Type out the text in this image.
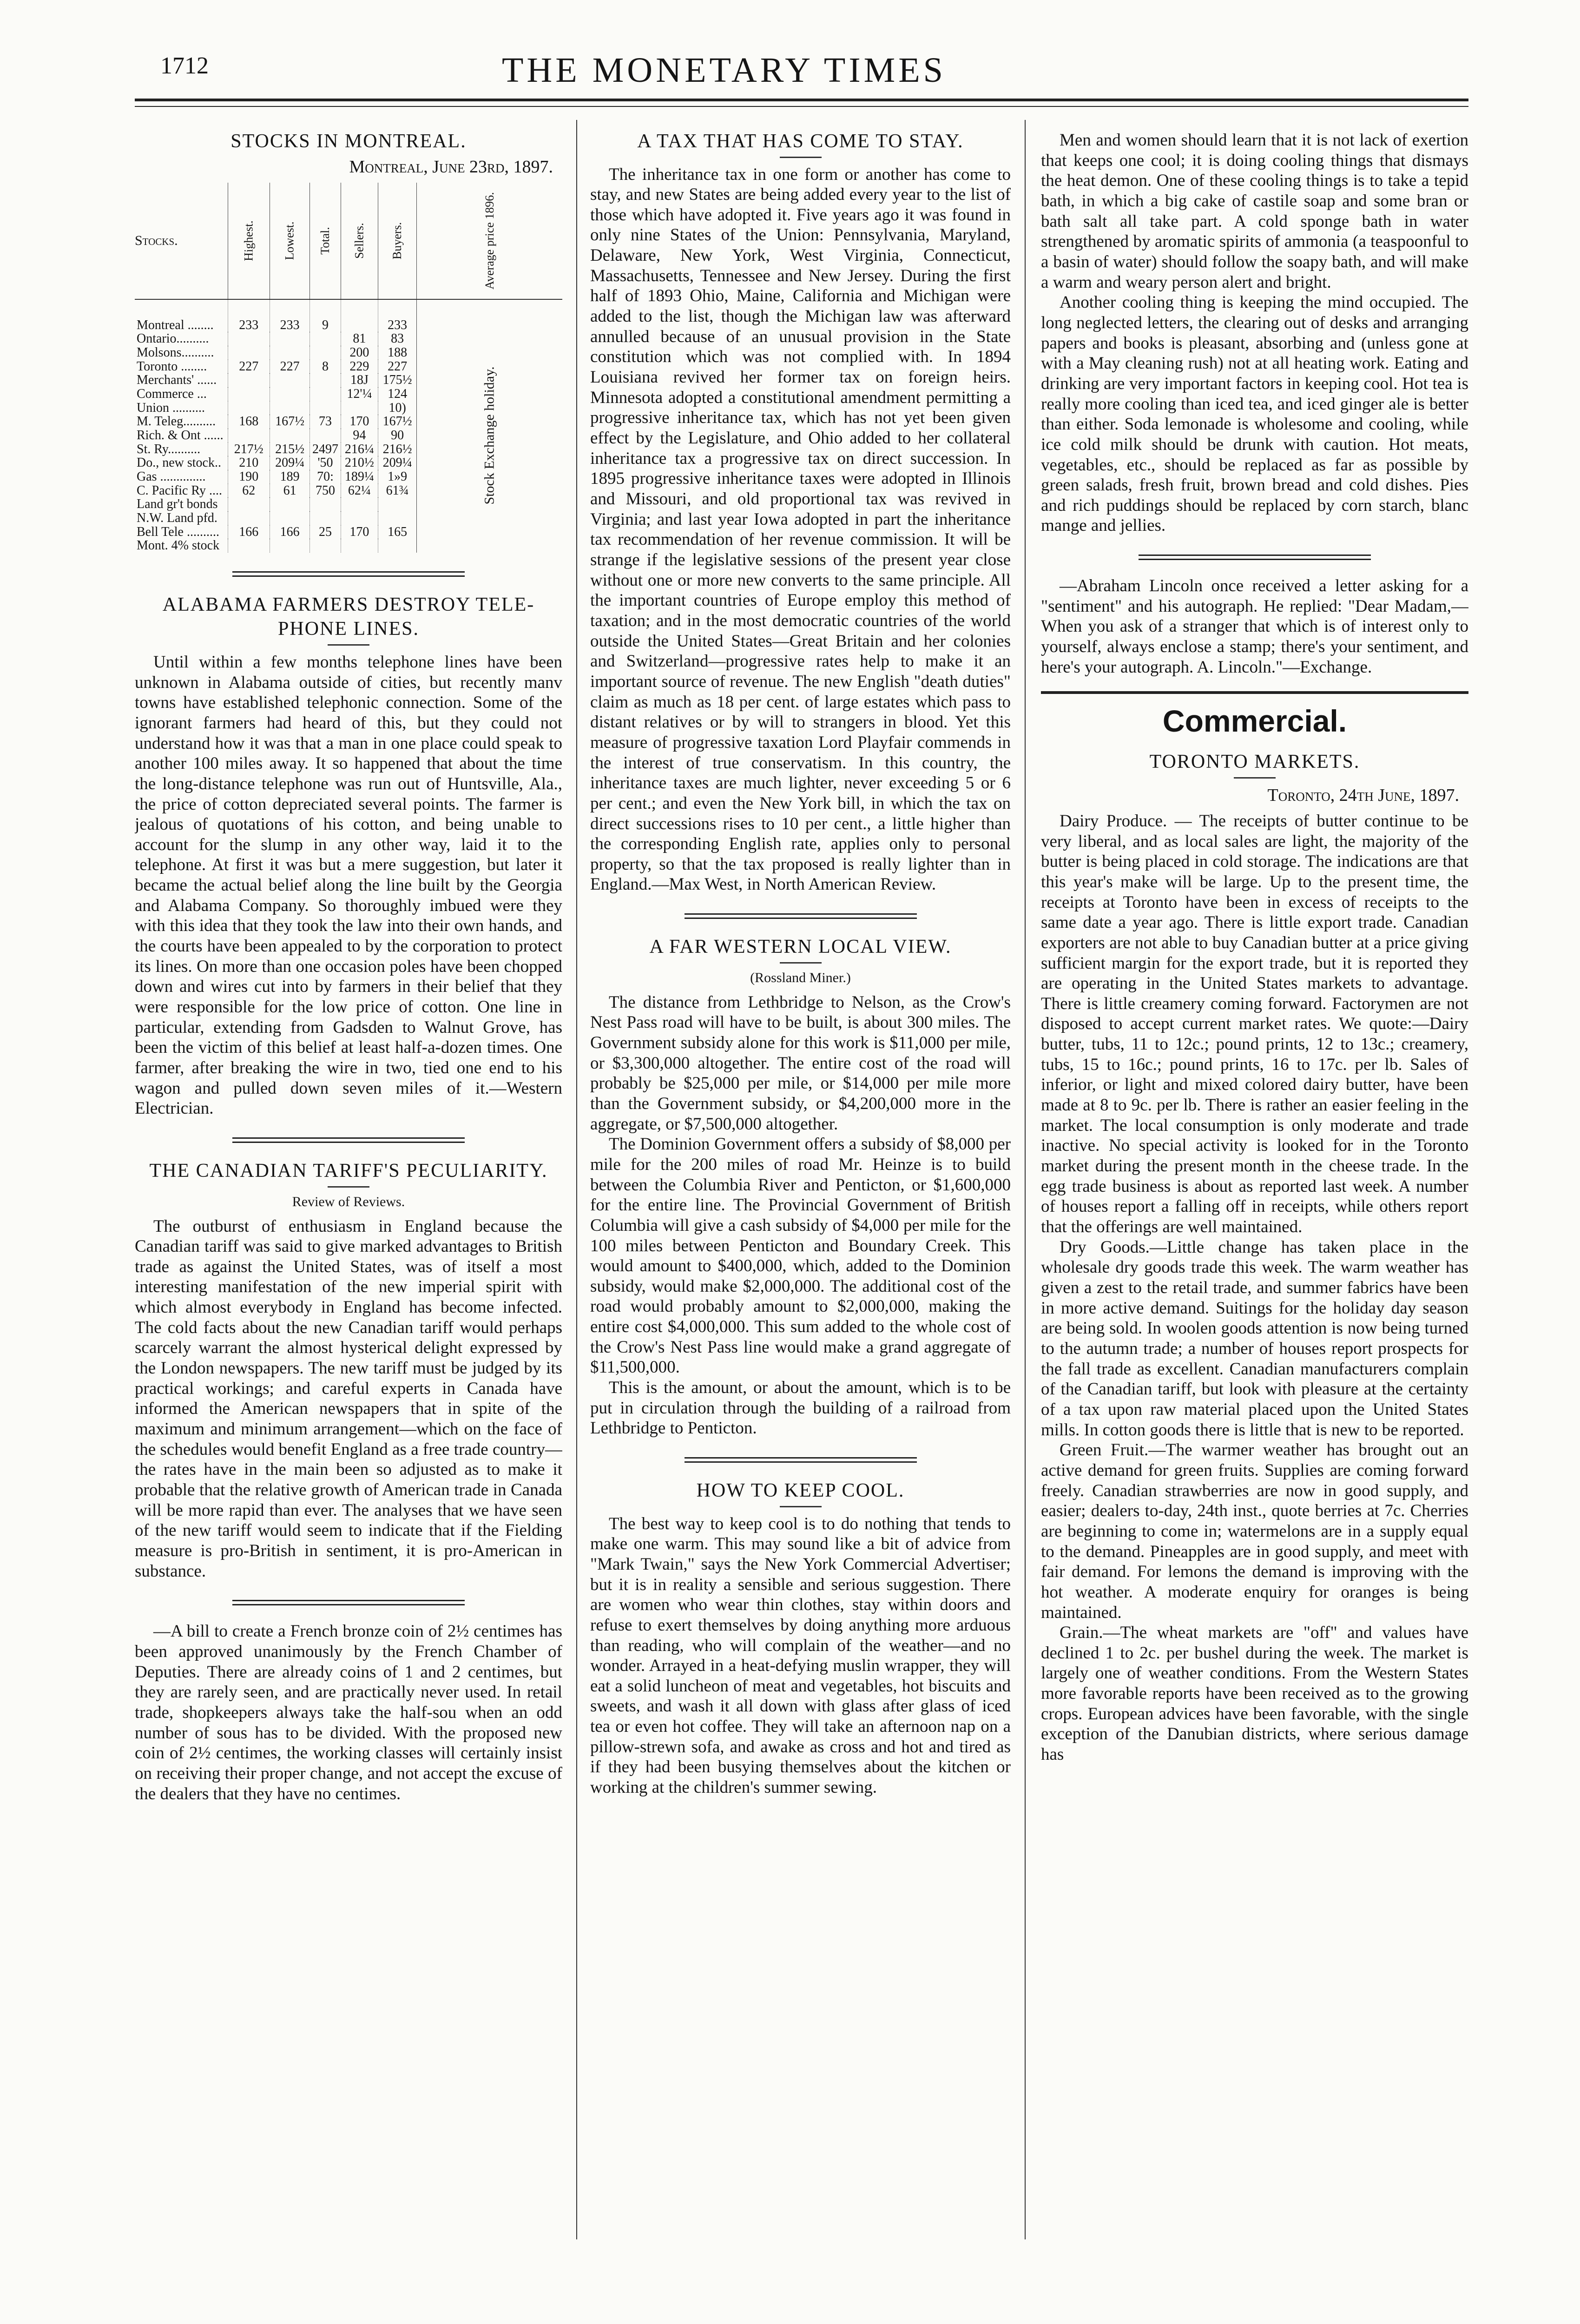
1712	THE MONETARY TIMES
STOCKS IN MONTREAL.
Montreal, June 23rd, 1897.
Stocks.	Highest.	Lowest.	Total.	Sellers.	Buyers.	Average price 1896.
Montreal ........	233	233	9		233	Stock Exchange holiday.
Ontario..........				81	83	
Molsons..........				200	188	
Toronto ........	227	227	8	229	227	
Merchants' ......				18J	175½	
Commerce ...				12'¼	124	
Union ..........					10)	
M. Teleg..........	168	167½	73	170	167½	
Rich. & Ont ......				94	90	
St. Ry..........	217½	215½	2497	216¼	216½	
Do., new stock..	210	209¼	'50	210½	209¼	
Gas ..............	190	189	70:	189¼	1»9	
C. Pacific Ry ....	62	61	750	62¼	61¾	
Land gr't bonds						
N.W. Land pfd.						
Bell Tele ..........	166	166	25	170	165	
Mont. 4% stock						
ALABAMA FARMERS DESTROY TELE-PHONE LINES.

Until within a few months telephone lines have been unknown in Alabama outside of cities, but recently manv towns have established telephonic connection. Some of the ignorant farmers had heard of this, but they could not understand how it was that a man in one place could speak to another 100 miles away. It so happened that about the time the long-distance telephone was run out of Huntsville, Ala., the price of cotton depreciated several points. The farmer is jealous of quotations of his cotton, and being unable to account for the slump in any other way, laid it to the telephone. At first it was but a mere suggestion, but later it became the actual belief along the line built by the Georgia and Alabama Company. So thoroughly imbued were they with this idea that they took the law into their own hands, and the courts have been appealed to by the corporation to protect its lines. On more than one occasion poles have been chopped down and wires cut into by farmers in their belief that they were responsible for the low price of cotton. One line in particular, extending from Gadsden to Walnut Grove, has been the victim of this belief at least half-a-dozen times. One farmer, after breaking the wire in two, tied one end to his wagon and pulled down seven miles of it.—Western Electrician.

THE CANADIAN TARIFF'S PECULIARITY.
Review of Reviews.

The outburst of enthusiasm in England because the Canadian tariff was said to give marked advantages to British trade as against the United States, was of itself a most interesting manifestation of the new imperial spirit with which almost everybody in England has become infected. The cold facts about the new Canadian tariff would perhaps scarcely warrant the almost hysterical delight expressed by the London newspapers. The new tariff must be judged by its practical workings; and careful experts in Canada have informed the American newspapers that in spite of the maximum and minimum arrangement—which on the face of the schedules would benefit England as a free trade country—the rates have in the main been so adjusted as to make it probable that the relative growth of American trade in Canada will be more rapid than ever. The analyses that we have seen of the new tariff would seem to indicate that if the Fielding measure is pro-British in sentiment, it is pro-American in substance.

—A bill to create a French bronze coin of 2½ centimes has been approved unanimously by the French Chamber of Deputies. There are already coins of 1 and 2 centimes, but they are rarely seen, and are practically never used. In retail trade, shopkeepers always take the half-sou when an odd number of sous has to be divided. With the proposed new coin of 2½ centimes, the working classes will certainly insist on receiving their proper change, and not accept the excuse of the dealers that they have no centimes.

A TAX THAT HAS COME TO STAY.

The inheritance tax in one form or another has come to stay, and new States are being added every year to the list of those which have adopted it. Five years ago it was found in only nine States of the Union: Pennsylvania, Maryland, Delaware, New York, West Virginia, Connecticut, Massachusetts, Tennessee and New Jersey. During the first half of 1893 Ohio, Maine, California and Michigan were added to the list, though the Michigan law was afterward annulled because of an unusual provision in the State constitution which was not complied with. In 1894 Louisiana revived her former tax on foreign heirs. Minnesota adopted a constitutional amendment permitting a progressive inheritance tax, which has not yet been given effect by the Legislature, and Ohio added to her collateral inheritance tax a progressive tax on direct succession. In 1895 progressive inheritance taxes were adopted in Illinois and Missouri, and old proportional tax was revived in Virginia; and last year Iowa adopted in part the inheritance tax recommendation of her revenue commission. It will be strange if the legislative sessions of the present year close without one or more new converts to the same principle. All the important countries of Europe employ this method of taxation; and in the most democratic countries of the world outside the United States—Great Britain and her colonies and Switzerland—progressive rates help to make it an important source of revenue. The new English "death duties" claim as much as 18 per cent. of large estates which pass to distant relatives or by will to strangers in blood. Yet this measure of progressive taxation Lord Playfair commends in the interest of true conservatism. In this country, the inheritance taxes are much lighter, never exceeding 5 or 6 per cent.; and even the New York bill, in which the tax on direct successions rises to 10 per cent., a little higher than the corresponding English rate, applies only to personal property, so that the tax proposed is really lighter than in England.—Max West, in North American Review.

A FAR WESTERN LOCAL VIEW.
(Rossland Miner.)

The distance from Lethbridge to Nelson, as the Crow's Nest Pass road will have to be built, is about 300 miles. The Government subsidy alone for this work is $11,000 per mile, or $3,300,000 altogether. The entire cost of the road will probably be $25,000 per mile, or $14,000 per mile more than the Government subsidy, or $4,200,000 more in the aggregate, or $7,500,000 altogether.

The Dominion Government offers a subsidy of $8,000 per mile for the 200 miles of road Mr. Heinze is to build between the Columbia River and Penticton, or $1,600,000 for the entire line. The Provincial Government of British Columbia will give a cash subsidy of $4,000 per mile for the 100 miles between Penticton and Boundary Creek. This would amount to $400,000, which, added to the Dominion subsidy, would make $2,000,000. The additional cost of the road would probably amount to $2,000,000, making the entire cost $4,000,000. This sum added to the whole cost of the Crow's Nest Pass line would make a grand aggregate of $11,500,000.

This is the amount, or about the amount, which is to be put in circulation through the building of a railroad from Lethbridge to Penticton.

HOW TO KEEP COOL.

The best way to keep cool is to do nothing that tends to make one warm. This may sound like a bit of advice from "Mark Twain," says the New York Commercial Advertiser; but it is in reality a sensible and serious suggestion. There are women who wear thin clothes, stay within doors and refuse to exert themselves by doing anything more arduous than reading, who will complain of the weather—and no wonder. Arrayed in a heat-defying muslin wrapper, they will eat a solid luncheon of meat and vegetables, hot biscuits and sweets, and wash it all down with glass after glass of iced tea or even hot coffee. They will take an afternoon nap on a pillow-strewn sofa, and awake as cross and hot and tired as if they had been busying themselves about the kitchen or working at the children's summer sewing.

Men and women should learn that it is not lack of exertion that keeps one cool; it is doing cooling things that dismays the heat demon. One of these cooling things is to take a tepid bath, in which a big cake of castile soap and some bran or bath salt all take part. A cold sponge bath in water strengthened by aromatic spirits of ammonia (a teaspoonful to a basin of water) should follow the soapy bath, and will make a warm and weary person alert and bright.

Another cooling thing is keeping the mind occupied. The long neglected letters, the clearing out of desks and arranging papers and books is pleasant, absorbing and (unless gone at with a May cleaning rush) not at all heating work. Eating and drinking are very important factors in keeping cool. Hot tea is really more cooling than iced tea, and iced ginger ale is better than either. Soda lemonade is wholesome and cooling, while ice cold milk should be drunk with caution. Hot meats, vegetables, etc., should be replaced as far as possible by green salads, fresh fruit, brown bread and cold dishes. Pies and rich puddings should be replaced by corn starch, blanc mange and jellies.

—Abraham Lincoln once received a letter asking for a "sentiment" and his autograph. He replied: "Dear Madam,—When you ask of a stranger that which is of interest only to yourself, always enclose a stamp; there's your sentiment, and here's your autograph. A. Lincoln."—Exchange.

Commercial.
TORONTO MARKETS.
Toronto, 24th June, 1897.

Dairy Produce. — The receipts of butter continue to be very liberal, and as local sales are light, the majority of the butter is being placed in cold storage. The indications are that this year's make will be large. Up to the present time, the receipts at Toronto have been in excess of receipts to the same date a year ago. There is little export trade. Canadian exporters are not able to buy Canadian butter at a price giving sufficient margin for the export trade, but it is reported they are operating in the United States markets to advantage. There is little creamery coming forward. Factorymen are not disposed to accept current market rates. We quote:—Dairy butter, tubs, 11 to 12c.; pound prints, 12 to 13c.; creamery, tubs, 15 to 16c.; pound prints, 16 to 17c. per lb. Sales of inferior, or light and mixed colored dairy butter, have been made at 8 to 9c. per lb. There is rather an easier feeling in the market. The local consumption is only moderate and trade inactive. No special activity is looked for in the Toronto market during the present month in the cheese trade. In the egg trade business is about as reported last week. A number of houses report a falling off in receipts, while others report that the offerings are well maintained.

Dry Goods.—Little change has taken place in the wholesale dry goods trade this week. The warm weather has given a zest to the retail trade, and summer fabrics have been in more active demand. Suitings for the holiday day season are being sold. In woolen goods attention is now being turned to the autumn trade; a number of houses report prospects for the fall trade as excellent. Canadian manufacturers complain of the Canadian tariff, but look with pleasure at the certainty of a tax upon raw material placed upon the United States mills. In cotton goods there is little that is new to be reported.

Green Fruit.—The warmer weather has brought out an active demand for green fruits. Supplies are coming forward freely. Canadian strawberries are now in good supply, and easier; dealers to-day, 24th inst., quote berries at 7c. Cherries are beginning to come in; watermelons are in a supply equal to the demand. Pineapples are in good supply, and meet with fair demand. For lemons the demand is improving with the hot weather. A moderate enquiry for oranges is being maintained.

Grain.—The wheat markets are "off" and values have declined 1 to 2c. per bushel during the week. The market is largely one of weather conditions. From the Western States more favorable reports have been received as to the growing crops. European advices have been favorable, with the single exception of the Danubian districts, where serious damage has
